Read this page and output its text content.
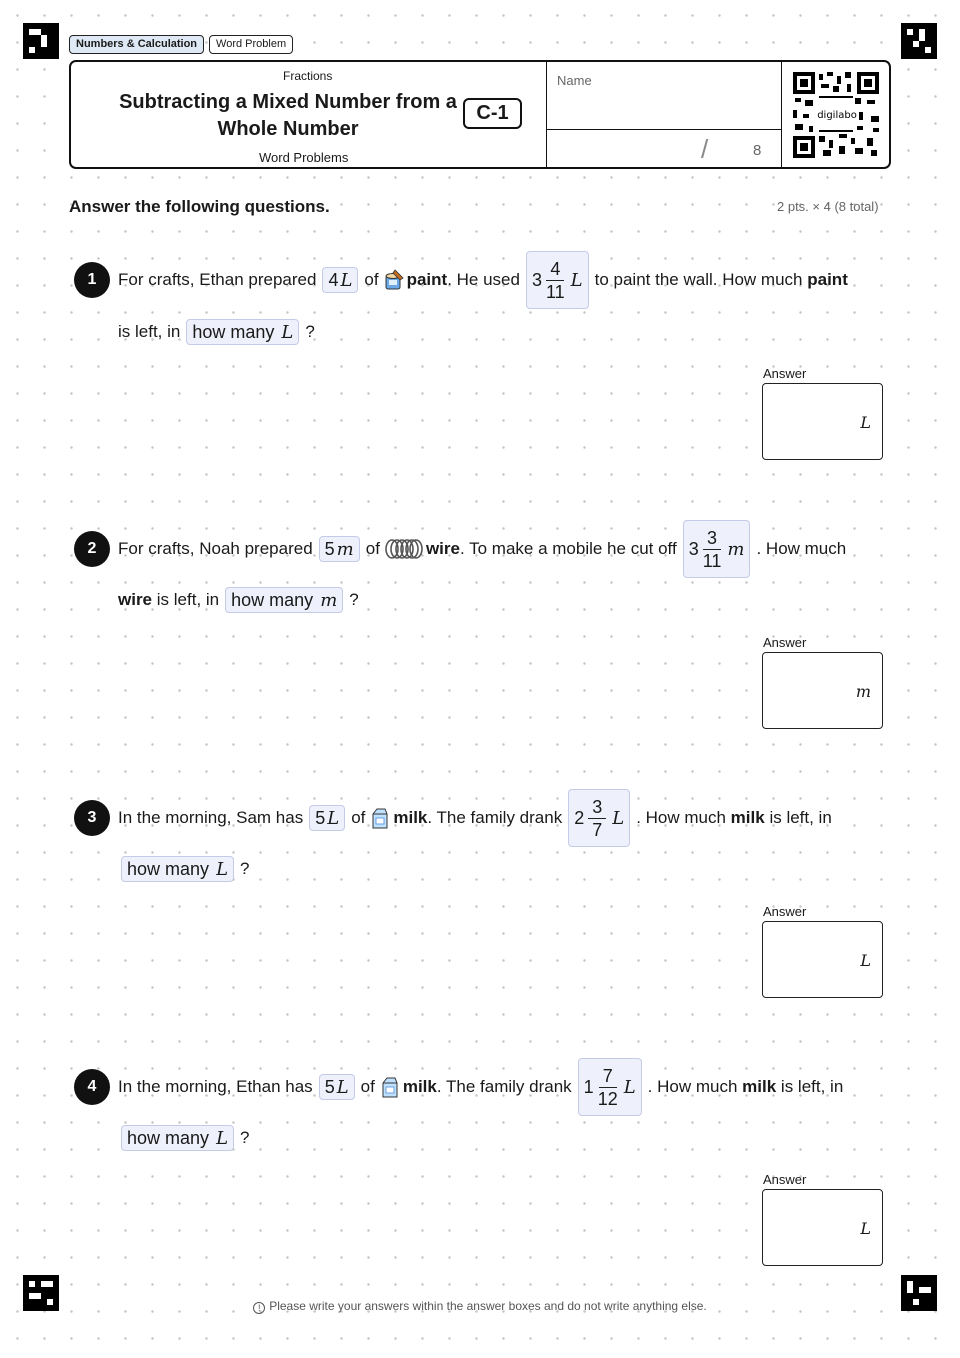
Numbers & Calculation	Word Problem
Fractions
Subtracting a Mixed Number from a Whole Number
Word Problems
C-1
Name
/	8
digilabo
Answer the following questions.	2 pts. × 4 (8 total)
1	For crafts, Ethan prepared 4 L of paint . He used $3 \frac{4}{11}$ L to paint the wall. How much
paint
is left, in how many
L ?
Answer
L
2	For crafts, Noah prepared 5 m of	wire . To make a mobile he cut off $3 \frac{3}{11}$ m . How much
wire
is left, in how many
m ?
Answer
m
3	In the morning, Sam has 5 L of milk . The family drank $2 \frac{3}{7}$ L . How much
milk
is left, in
how many
L ?
Answer
L
4	In the morning, Ethan has 5 L of milk . The family drank $1 \frac{7}{12}$ L . How much
milk
is left, in
how many
L ?
Answer
L
! Please write your answers within the answer boxes and do not write anything else.
